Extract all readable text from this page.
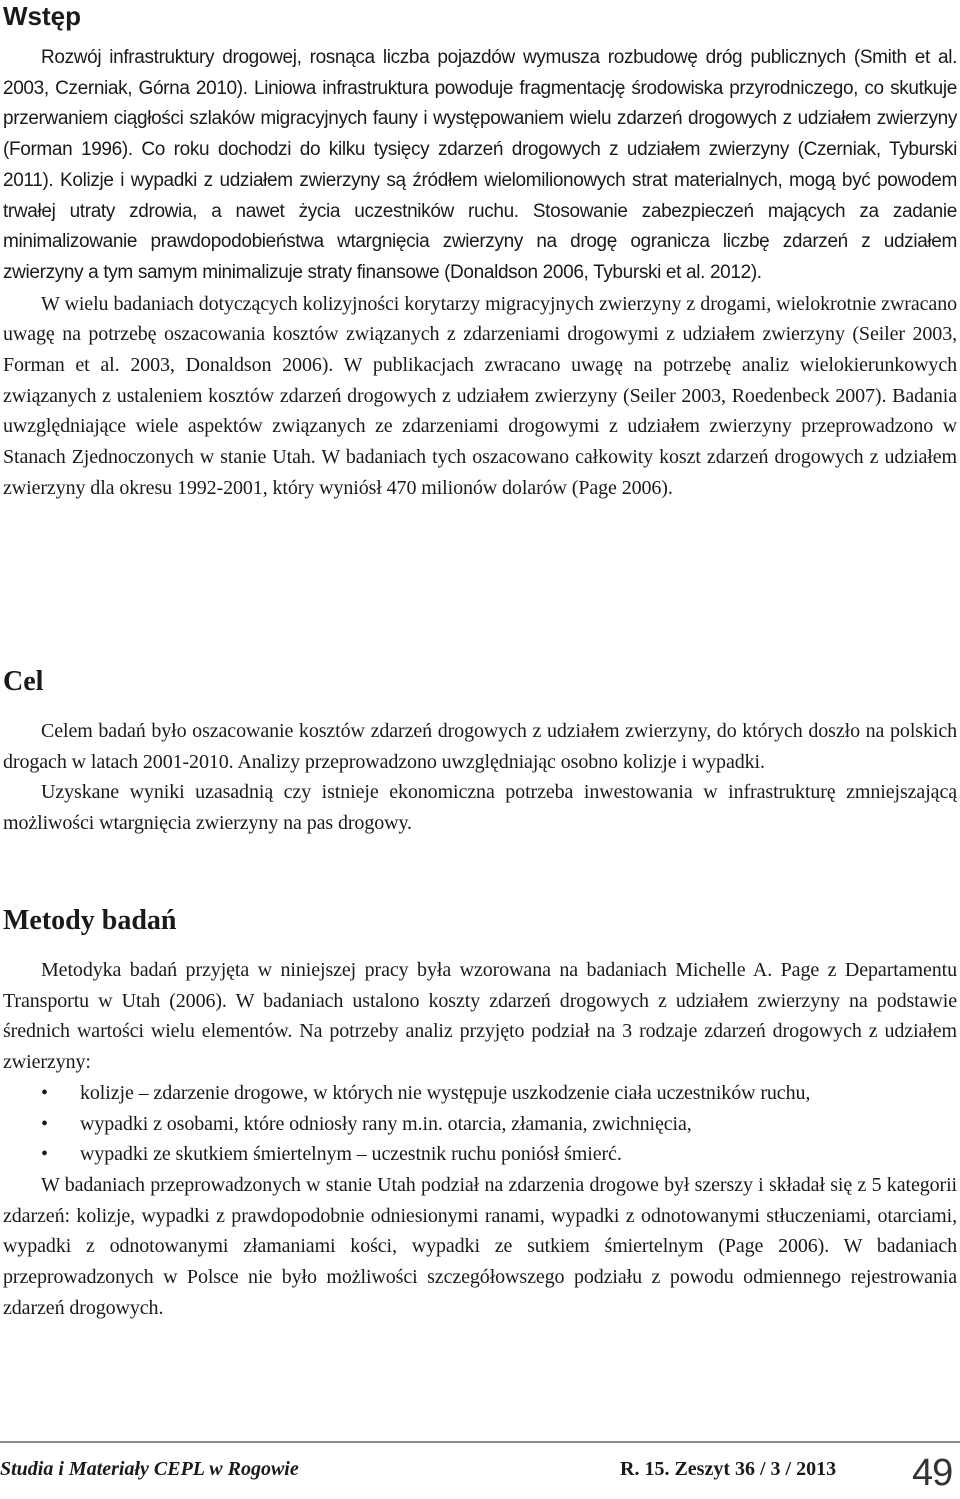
Wstęp

Rozwój infrastruktury drogowej, rosnąca liczba pojazdów wymusza rozbudowę dróg publicznych (Smith et al. 2003, Czerniak, Górna 2010). Liniowa infrastruktura powoduje fragmentację środowiska przyrodniczego, co skutkuje przerwaniem ciągłości szlaków migracyjnych fauny i występowaniem wielu zdarzeń drogowych z udziałem zwierzyny (Forman 1996). Co roku dochodzi do kilku tysięcy zdarzeń drogowych z udziałem zwierzyny (Czerniak, Tyburski 2011). Kolizje i wypadki z udziałem zwierzyny są źródłem wielomilionowych strat materialnych, mogą być powodem trwałej utraty zdrowia, a nawet życia uczestników ruchu. Stosowanie zabezpieczeń mających za zadanie minimalizowanie prawdopodobieństwa wtargnięcia zwierzyny na drogę ogranicza liczbę zdarzeń z udziałem zwierzyny a tym samym minimalizuje straty finansowe (Donaldson 2006, Tyburski et al. 2012).

W wielu badaniach dotyczących kolizyjności korytarzy migracyjnych zwierzyny z drogami, wielokrotnie zwracano uwagę na potrzebę oszacowania kosztów związanych z zdarzeniami drogowymi z udziałem zwierzyny (Seiler 2003, Forman et al. 2003, Donaldson 2006). W publikacjach zwracano uwagę na potrzebę analiz wielokierunkowych związanych z ustaleniem kosztów zdarzeń drogowych z udziałem zwierzyny (Seiler 2003, Roedenbeck 2007). Badania uwzględniające wiele aspektów związanych ze zdarzeniami drogowymi z udziałem zwierzyny przeprowadzono w Stanach Zjednoczonych w stanie Utah. W badaniach tych oszacowano całkowity koszt zdarzeń drogowych z udziałem zwierzyny dla okresu 1992-2001, który wyniósł 470 milionów dolarów (Page 2006).

Cel

Celem badań było oszacowanie kosztów zdarzeń drogowych z udziałem zwierzyny, do których doszło na polskich drogach w latach 2001-2010. Analizy przeprowadzono uwzględniając osobno kolizje i wypadki.

Uzyskane wyniki uzasadnią czy istnieje ekonomiczna potrzeba inwestowania w infrastrukturę zmniejszającą możliwości wtargnięcia zwierzyny na pas drogowy.

Metody badań

Metodyka badań przyjęta w niniejszej pracy była wzorowana na badaniach Michelle A. Page z Departamentu Transportu w Utah (2006). W badaniach ustalono koszty zdarzeń drogowych z udziałem zwierzyny na podstawie średnich wartości wielu elementów. Na potrzeby analiz przyjęto podział na 3 rodzaje zdarzeń drogowych z udziałem zwierzyny:

• kolizje – zdarzenie drogowe, w których nie występuje uszkodzenie ciała uczestników ruchu,
• wypadki z osobami, które odniosły rany m.in. otarcia, złamania, zwichnięcia,
• wypadki ze skutkiem śmiertelnym – uczestnik ruchu poniósł śmierć.

W badaniach przeprowadzonych w stanie Utah podział na zdarzenia drogowe był szerszy i składał się z 5 kategorii zdarzeń: kolizje, wypadki z prawdopodobnie odniesionymi ranami, wypadki z odnotowanymi stłuczeniami, otarciami, wypadki z odnotowanymi złamaniami kości, wypadki ze sutkiem śmiertelnym (Page 2006). W badaniach przeprowadzonych w Polsce nie było możliwości szczegółowszego podziału z powodu odmiennego rejestrowania zdarzeń drogowych.

Studia i Materiały CEPL w Rogowie	R. 15. Zeszyt 36 / 3 / 2013 49
